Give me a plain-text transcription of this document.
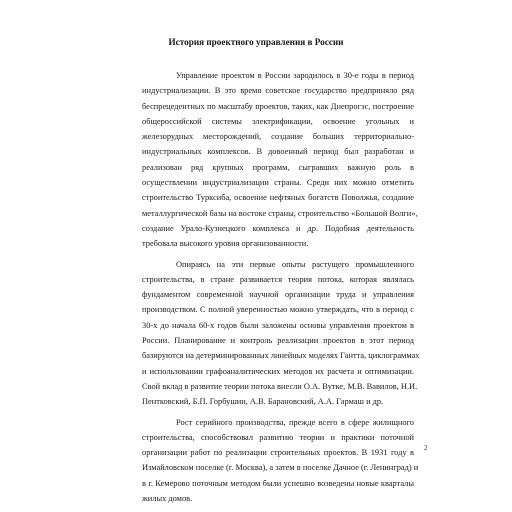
История проектного управления в России
Управление проектом в России зародилось в 30-е годы в период
индустриализации. В это время советское государство предприняло ряд
беспрецедентных по масштабу проектов, таких, как Днепрогэс, построение
общероссийской системы электрификации, освоение угольных и
железорудных месторождений, создание больших территориально-
индустриальных комплексов. В довоенный период был разработан и
реализован ряд крупных программ, сыгравших важную роль в
осуществлении индустриализации страны. Среди них можно отметить
строительство Турксиба, освоение нефтяных богатств Поволжья, создание
металлургической базы на востоке страны, строительство «Большой Волги»,
создание Урало-Кузнецкого комплекса и др. Подобная деятельность
требовала высокого уровня организованности.
Опираясь на эти первые опыты растущего промышленного
строительства, в стране развивается теория потока, которая являлась
фундаментом современной научной организации труда и управления
производством. С полной уверенностью можно утверждать, что в период с
30-х до начала 60-х годов были заложены основы управления проектом в
России. Планирование и контроль реализации проектов в этот период
базируются на детерминированных линейных моделях Гантта, циклограммах
и использовании графоаналитических методов их расчета и оптимизации.
Свой вклад в развитие теории потока внесли О.А. Вутке, М.В. Вавилов, Н.И.
Пентковский, Б.П. Горбушин, А.В. Барановский, А.А. Гармаш и др.
Рост серийного производства, прежде всего в сфере жилищного
строительства, способствовал развитию теории и практики поточной
организации работ по реализации строительных проектов. В 1931 году в
Измайловском поселке (г. Москва), а затем в поселке Дачное (г. Ленинград) и
в г. Кемерово поточным методом были успешно возведены новые кварталы
жилых домов.
2
